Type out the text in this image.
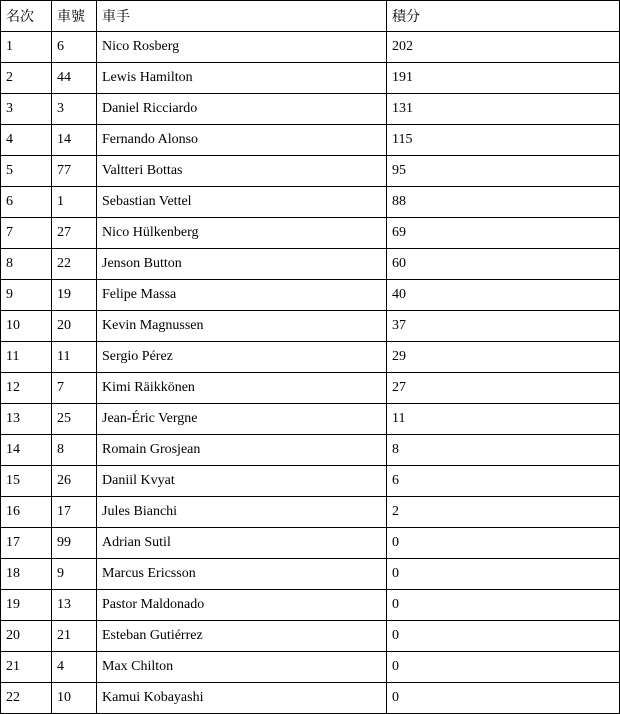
名次	車號	車手	積分
1	6	Nico Rosberg	202
2	44	Lewis Hamilton	191
3	3	Daniel Ricciardo	131
4	14	Fernando Alonso	115
5	77	Valtteri Bottas	95
6	1	Sebastian Vettel	88
7	27	Nico Hülkenberg	69
8	22	Jenson Button	60
9	19	Felipe Massa	40
10	20	Kevin Magnussen	37
11	11	Sergio Pérez	29
12	7	Kimi Räikkönen	27
13	25	Jean-Éric Vergne	11
14	8	Romain Grosjean	8
15	26	Daniil Kvyat	6
16	17	Jules Bianchi	2
17	99	Adrian Sutil	0
18	9	Marcus Ericsson	0
19	13	Pastor Maldonado	0
20	21	Esteban Gutiérrez	0
21	4	Max Chilton	0
22	10	Kamui Kobayashi	0
